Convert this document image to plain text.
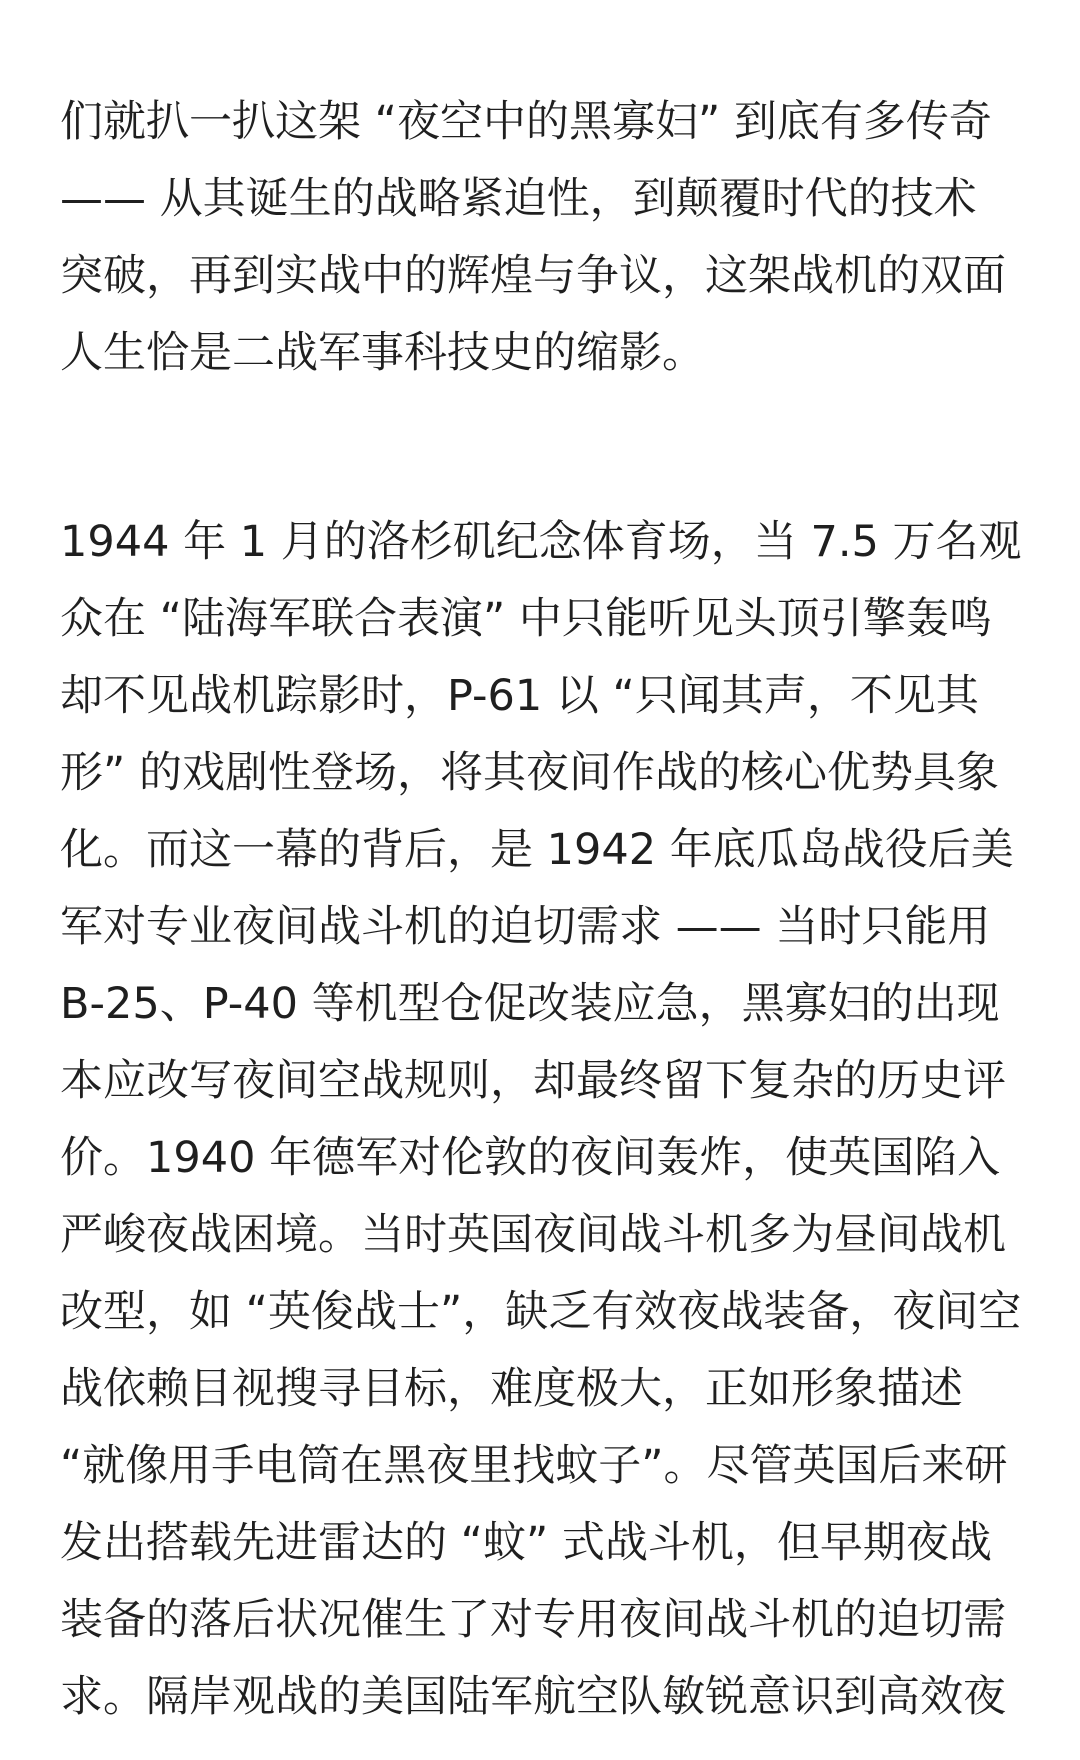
们就扒一扒这架 “夜空中的黑寡妇” 到底有多传奇
—— 从其诞生的战略紧迫性，到颠覆时代的技术
突破，再到实战中的辉煌与争议，这架战机的双面
人生恰是二战军事科技史的缩影。
1944 年 1 月的洛杉矶纪念体育场，当 7.5 万名观
众在 “陆海军联合表演” 中只能听见头顶引擎轰鸣
却不见战机踪影时，P-61 以 “只闻其声，不见其
形” 的戏剧性登场，将其夜间作战的核心优势具象
化。而这一幕的背后，是 1942 年底瓜岛战役后美
军对专业夜间战斗机的迫切需求 —— 当时只能用
B-25、P-40 等机型仓促改装应急，黑寡妇的出现
本应改写夜间空战规则，却最终留下复杂的历史评
价。1940 年德军对伦敦的夜间轰炸，使英国陷入
严峻夜战困境。当时英国夜间战斗机多为昼间战机
改型，如 “英俊战士”，缺乏有效夜战装备，夜间空
战依赖目视搜寻目标，难度极大，正如形象描述
“就像用手电筒在黑夜里找蚊子”。尽管英国后来研
发出搭载先进雷达的 “蚊” 式战斗机，但早期夜战
装备的落后状况催生了对专用夜间战斗机的迫切需
求。隔岸观战的美国陆军航空队敏锐意识到高效夜
